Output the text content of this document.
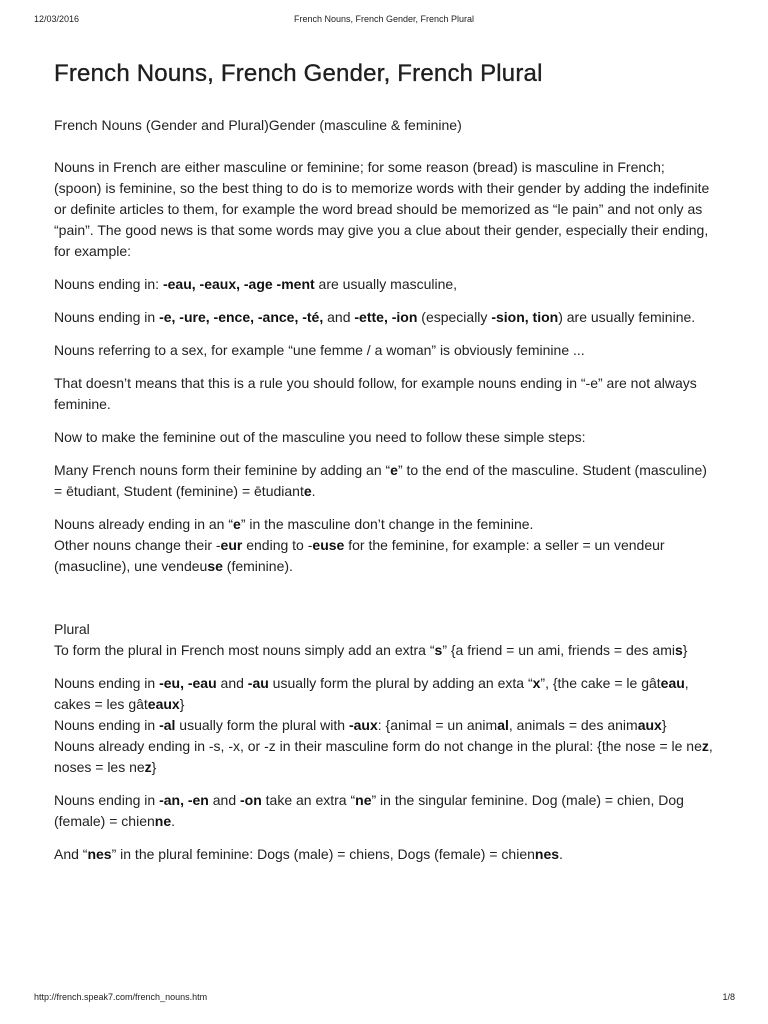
12/03/2016	French Nouns, French Gender, French Plural
French Nouns, French Gender, French Plural

French Nouns (Gender and Plural)Gender (masculine & feminine)

Nouns in French are either masculine or feminine; for some reason (bread) is masculine in French; (spoon) is feminine, so the best thing to do is to memorize words with their gender by adding the indefinite or definite articles to them, for example the word bread should be memorized as “le pain” and not only as “pain”. The good news is that some words may give you a clue about their gender, especially their ending, for example:

Nouns ending in: -eau, -eaux, -age -ment are usually masculine,

Nouns ending in -e, -ure, -ence, -ance, -té, and -ette, -ion (especially -sion, tion) are usually feminine.

Nouns referring to a sex, for example “une femme / a woman” is obviously feminine ...

That doesn’t means that this is a rule you should follow, for example nouns ending in “-e” are not always feminine.

Now to make the feminine out of the masculine you need to follow these simple steps:

Many French nouns form their feminine by adding an “e” to the end of the masculine. Student (masculine) = ētudiant, Student (feminine) = ētudiante.

Nouns already ending in an “e” in the masculine don’t change in the feminine.

Other nouns change their -eur ending to -euse for the feminine, for example: a seller = un vendeur (masucline), une vendeuse (feminine).

Plural

To form the plural in French most nouns simply add an extra “s” {a friend = un ami, friends = des amis}

Nouns ending in -eu, -eau and -au usually form the plural by adding an exta “x”, {the cake = le gâteau, cakes = les gâteaux}

Nouns ending in -al usually form the plural with -aux: {animal = un animal, animals = des animaux}

Nouns already ending in -s, -x, or -z in their masculine form do not change in the plural: {the nose = le nez, noses = les nez}

Nouns ending in -an, -en and -on take an extra “ne” in the singular feminine. Dog (male) = chien, Dog (female) = chienne.

And “nes” in the plural feminine: Dogs (male) = chiens, Dogs (female) = chiennes.

http://french.speak7.com/french_nouns.htm	1/8
